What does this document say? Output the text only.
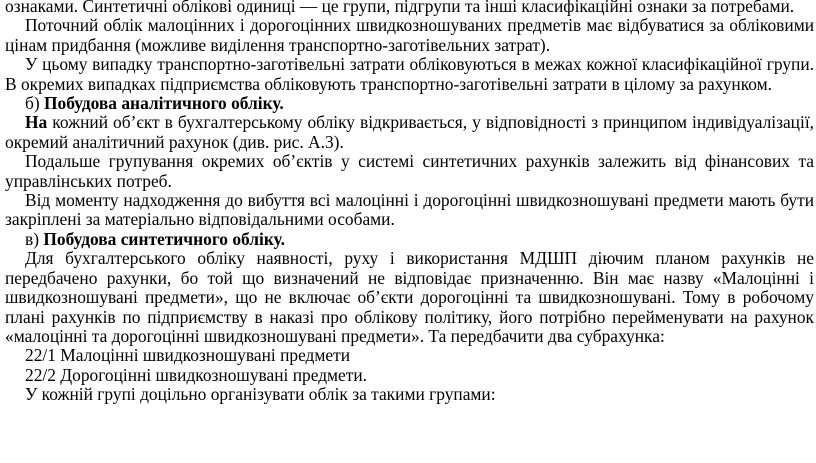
ознаками. Синтетичні облікові одиниці — це групи, підгрупи та інші класифікаційні ознаки за потребами.

Поточний облік малоцінних і дорогоцінних швидкозношуваних предметів має відбуватися за обліковими цінам придбання (можливе виділення транспортно-заготівельних затрат).

У цьому випадку транспортно-заготівельні затрати обліковуються в межах кожної класифікаційної групи. В окремих випадках підприємства обліковують транспортно-заготівельні затрати в цілому за рахунком.

б) Побудова аналітичного обліку.

На кожний об’єкт в бухгалтерському обліку відкривається, у відповідності з принципом індивідуалізації, окремий аналітичний рахунок (див. рис. А.3).

Подальше групування окремих об’єктів у системі синтетичних рахунків залежить від фінансових та управлінських потреб.

Від моменту надходження до вибуття всі малоцінні і дорогоцінні швидкозношувані предмети мають бути закріплені за матеріально відповідальними особами.

в) Побудова синтетичного обліку.

Для бухгалтерського обліку наявності, руху і використання МДШП діючим планом рахунків не передбачено рахунки, бо той що визначений не відповідає призначенню. Він має назву «Малоцінні і швидкозношувані предмети», що не включає об’єкти дорогоцінні та швидкозношувані. Тому в робочому плані рахунків по підприємству в наказі про облікову політику, його потрібно перейменувати на рахунок «малоцінні та дорогоцінні швидкозношувані предмети». Та передбачити два субрахунка:

22/1 Малоцінні швидкозношувані предмети

22/2 Дорогоцінні швидкозношувані предмети.

У кожній групі доцільно організувати облік за такими групами:
